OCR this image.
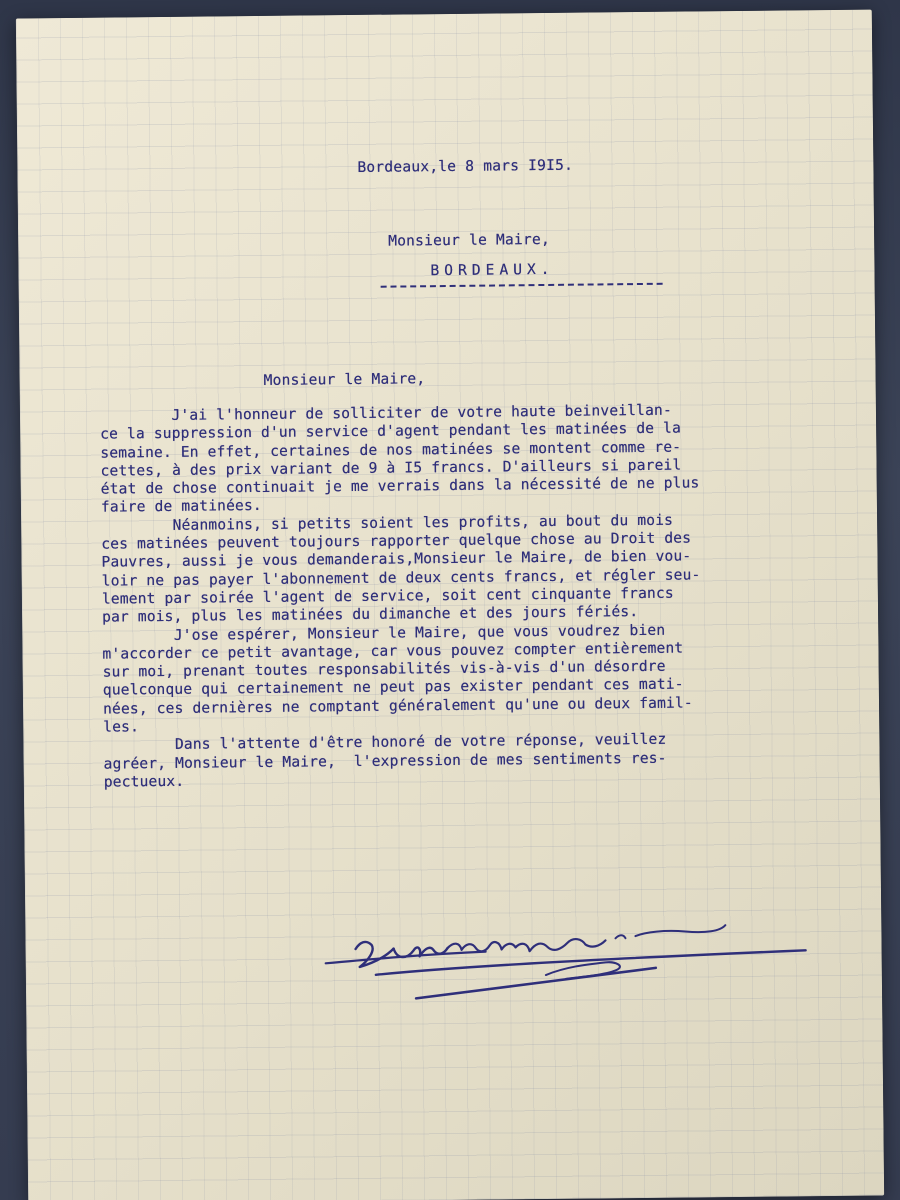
Bordeaux,le 8 mars I9I5.
Monsieur le Maire,
BORDEAUX.
Monsieur le Maire,
J'ai l'honneur de solliciter de votre haute beinveillan-
ce la suppression d'un service d'agent pendant les matinées de la
semaine. En effet, certaines de nos matinées se montent comme re-
cettes, à des prix variant de 9 à I5 francs. D'ailleurs si pareil
état de chose continuait je me verrais dans la nécessité de ne plus
faire de matinées.
Néanmoins, si petits soient les profits, au bout du mois
ces matinées peuvent toujours rapporter quelque chose au Droit des
Pauvres, aussi je vous demanderais,Monsieur le Maire, de bien vou-
loir ne pas payer l'abonnement de deux cents francs, et régler seu-
lement par soirée l'agent de service, soit cent cinquante francs
par mois, plus les matinées du dimanche et des jours fériés.
J'ose espérer, Monsieur le Maire, que vous voudrez bien
m'accorder ce petit avantage, car vous pouvez compter entièrement
sur moi, prenant toutes responsabilités vis-à-vis d'un désordre
quelconque qui certainement ne peut pas exister pendant ces mati-
nées, ces dernières ne comptant généralement qu'une ou deux famil-
les.
Dans l'attente d'être honoré de votre réponse, veuillez
agréer, Monsieur le Maire,  l'expression de mes sentiments res-
pectueux.
